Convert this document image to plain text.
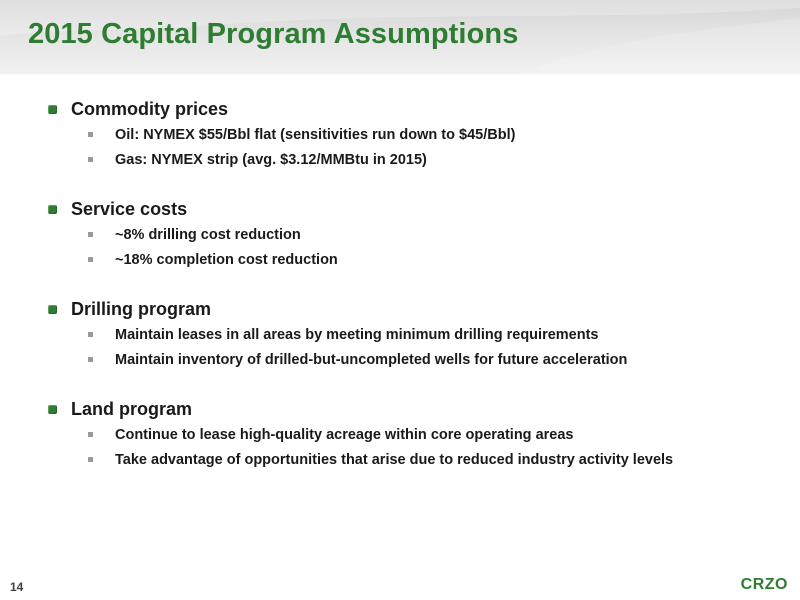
2015 Capital Program Assumptions
Commodity prices
Oil: NYMEX $55/Bbl flat (sensitivities run down to $45/Bbl)
Gas: NYMEX strip (avg. $3.12/MMBtu in 2015)
Service costs
~8% drilling cost reduction
~18% completion cost reduction
Drilling program
Maintain leases in all areas by meeting minimum drilling requirements
Maintain inventory of drilled-but-uncompleted wells for future acceleration
Land program
Continue to lease high-quality acreage within core operating areas
Take advantage of opportunities that arise due to reduced industry activity levels
14	CRZO
